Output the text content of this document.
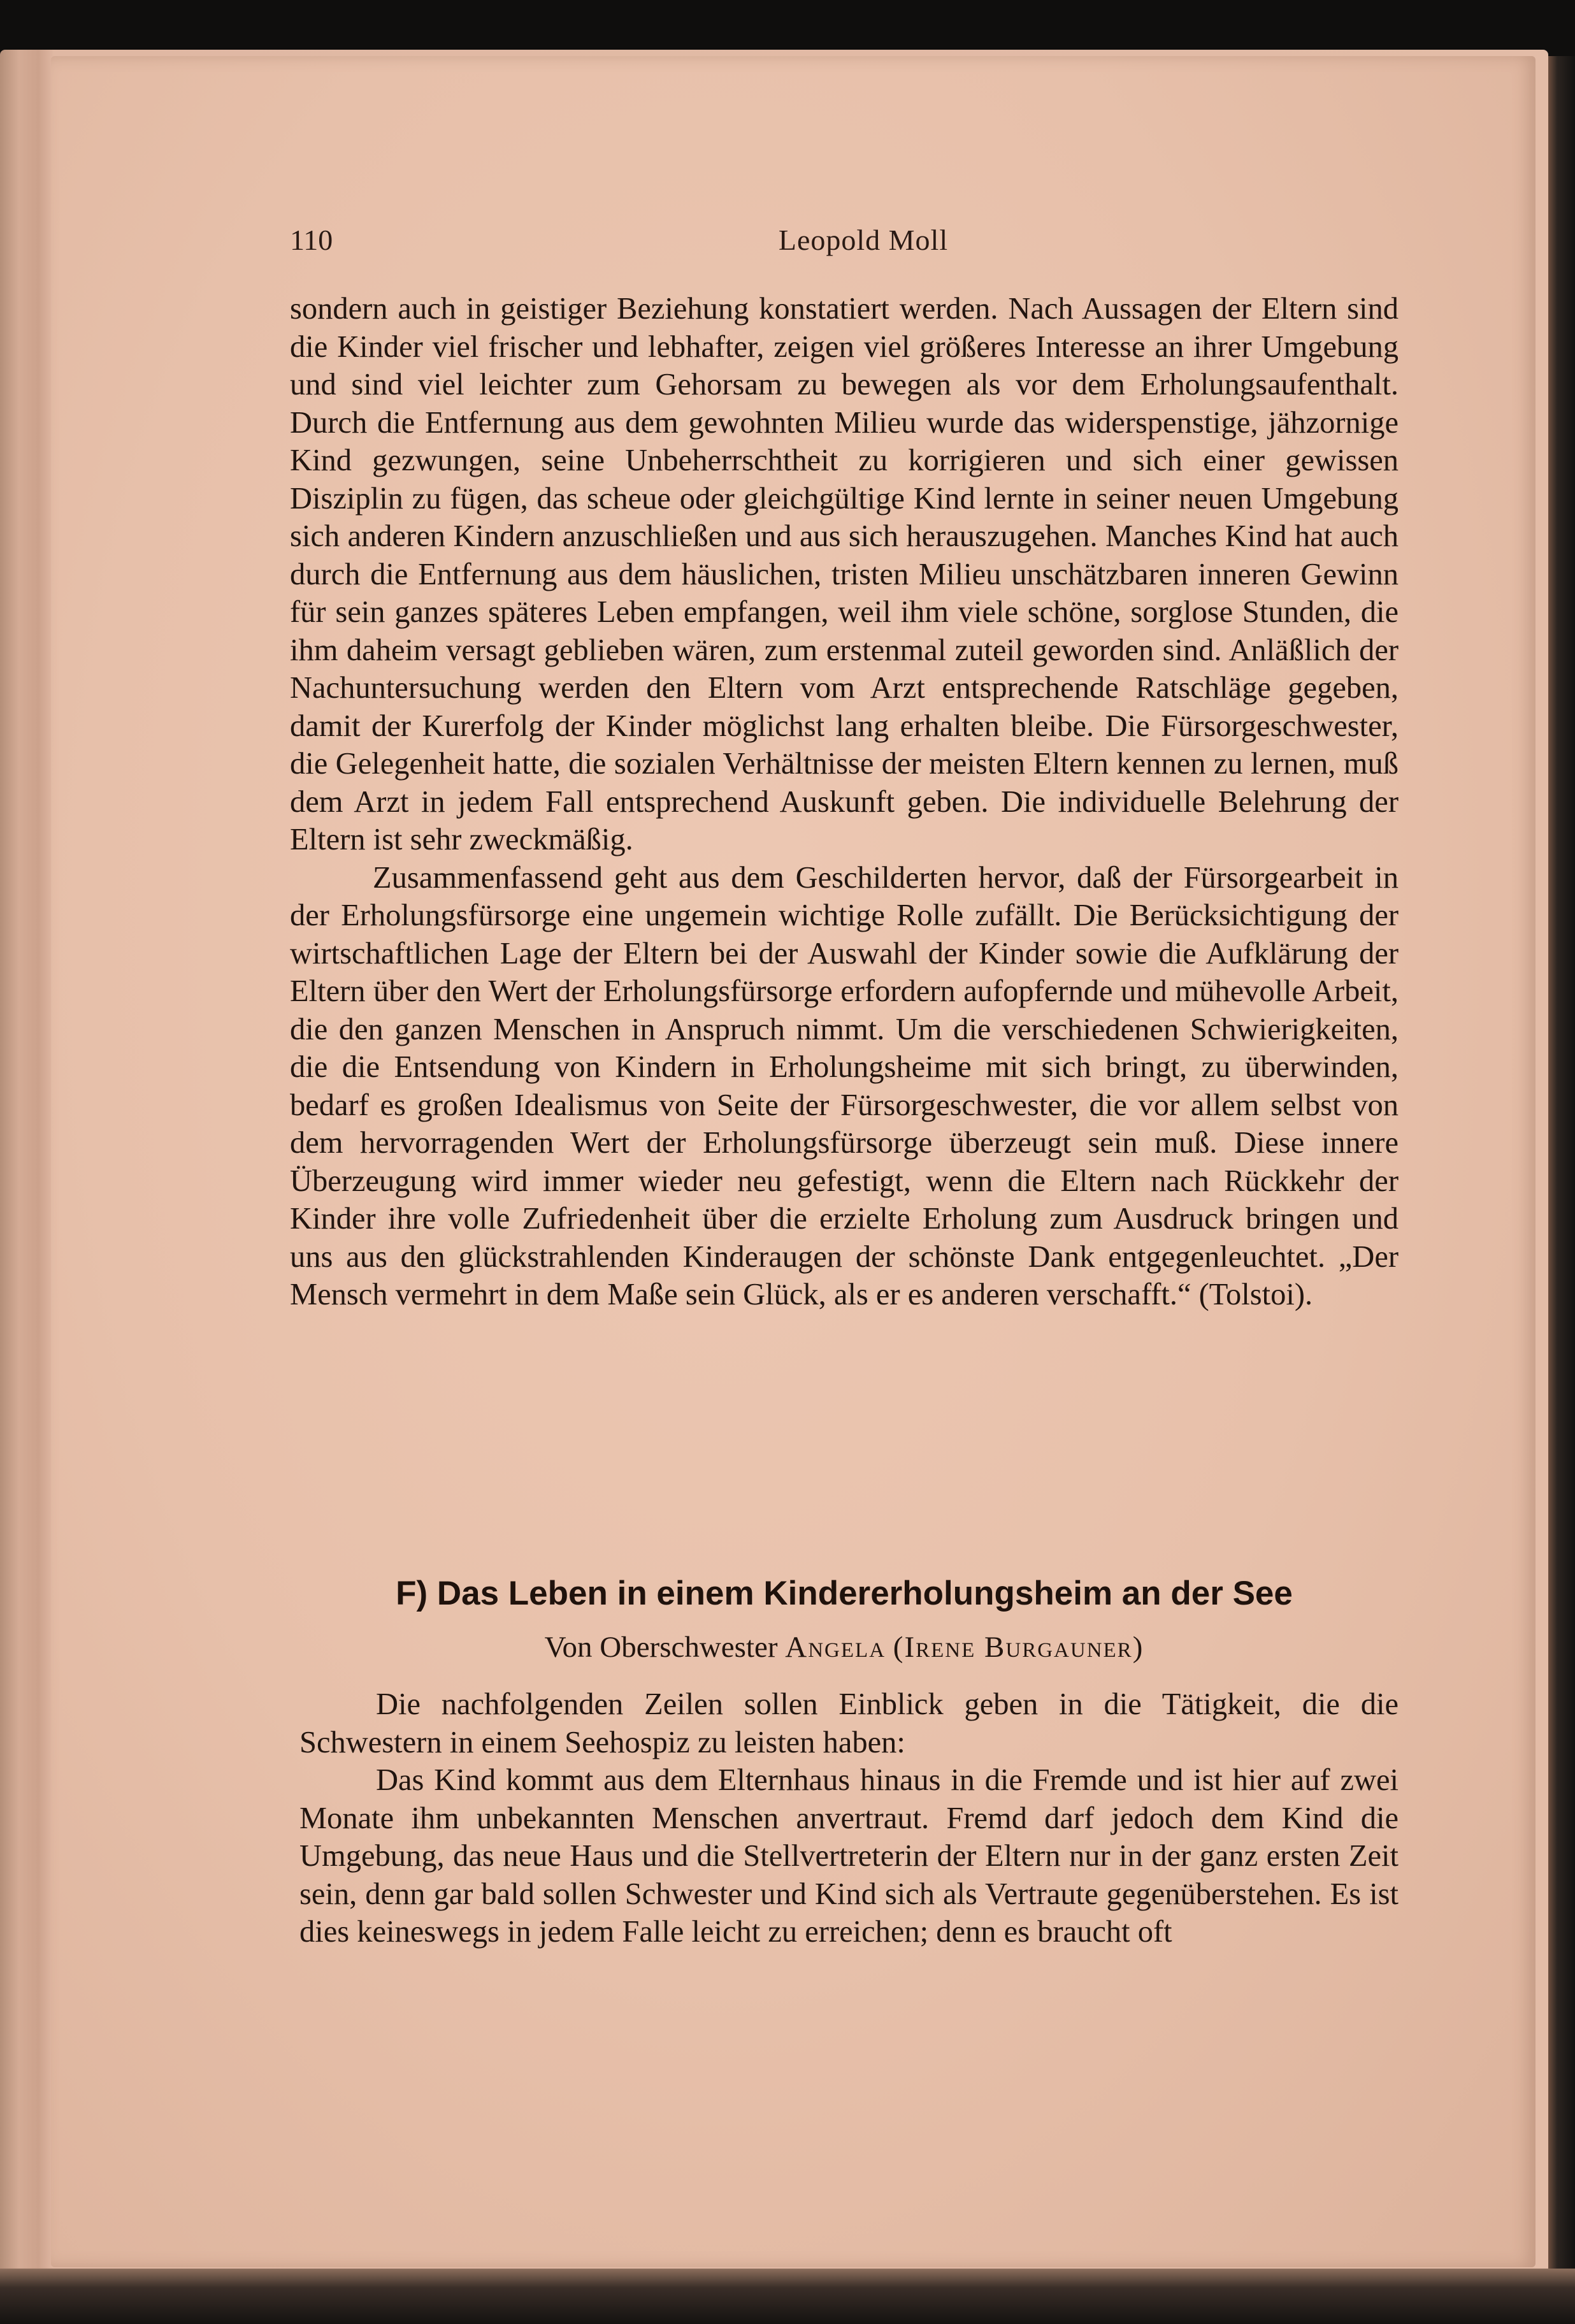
110	Leopold Moll

sondern auch in geistiger Beziehung konstatiert werden. Nach Aussagen der Eltern sind die Kinder viel frischer und lebhafter, zeigen viel größeres Interesse an ihrer Umgebung und sind viel leichter zum Gehorsam zu bewegen als vor dem Erholungsaufenthalt. Durch die Entfernung aus dem gewohnten Milieu wurde das widerspenstige, jähzornige Kind gezwungen, seine Unbeherrschtheit zu korrigieren und sich einer gewissen Disziplin zu fügen, das scheue oder gleichgültige Kind lernte in seiner neuen Umgebung sich anderen Kindern anzuschließen und aus sich herauszugehen. Manches Kind hat auch durch die Entfernung aus dem häuslichen, tristen Milieu unschätzbaren inneren Gewinn für sein ganzes späteres Leben empfangen, weil ihm viele schöne, sorglose Stunden, die ihm daheim versagt geblieben wären, zum erstenmal zuteil geworden sind. Anläßlich der Nachuntersuchung werden den Eltern vom Arzt entsprechende Ratschläge gegeben, damit der Kurerfolg der Kinder möglichst lang erhalten bleibe. Die Fürsorgeschwester, die Gelegenheit hatte, die sozialen Verhältnisse der meisten Eltern kennen zu lernen, muß dem Arzt in jedem Fall entsprechend Auskunft geben. Die individuelle Belehrung der Eltern ist sehr zweckmäßig.

Zusammenfassend geht aus dem Geschilderten hervor, daß der Fürsorgearbeit in der Erholungsfürsorge eine ungemein wichtige Rolle zufällt. Die Berücksichtigung der wirtschaftlichen Lage der Eltern bei der Auswahl der Kinder sowie die Aufklärung der Eltern über den Wert der Erholungsfürsorge erfordern aufopfernde und mühevolle Arbeit, die den ganzen Menschen in Anspruch nimmt. Um die verschiedenen Schwierigkeiten, die die Entsendung von Kindern in Erholungsheime mit sich bringt, zu überwinden, bedarf es großen Idealismus von Seite der Fürsorgeschwester, die vor allem selbst von dem hervorragenden Wert der Erholungsfürsorge überzeugt sein muß. Diese innere Überzeugung wird immer wieder neu gefestigt, wenn die Eltern nach Rückkehr der Kinder ihre volle Zufriedenheit über die erzielte Erholung zum Ausdruck bringen und uns aus den glückstrahlenden Kinderaugen der schönste Dank entgegenleuchtet. „Der Mensch vermehrt in dem Maße sein Glück, als er es anderen verschafft.“ (Tolstoi).

F) Das Leben in einem Kindererholungsheim an der See
Von Oberschwester Angela (Irene Burgauner)

Die nachfolgenden Zeilen sollen Einblick geben in die Tätigkeit, die die Schwestern in einem Seehospiz zu leisten haben:

Das Kind kommt aus dem Elternhaus hinaus in die Fremde und ist hier auf zwei Monate ihm unbekannten Menschen anvertraut. Fremd darf jedoch dem Kind die Umgebung, das neue Haus und die Stellvertreterin der Eltern nur in der ganz ersten Zeit sein, denn gar bald sollen Schwester und Kind sich als Vertraute gegenüberstehen. Es ist dies keineswegs in jedem Falle leicht zu erreichen; denn es braucht oft
